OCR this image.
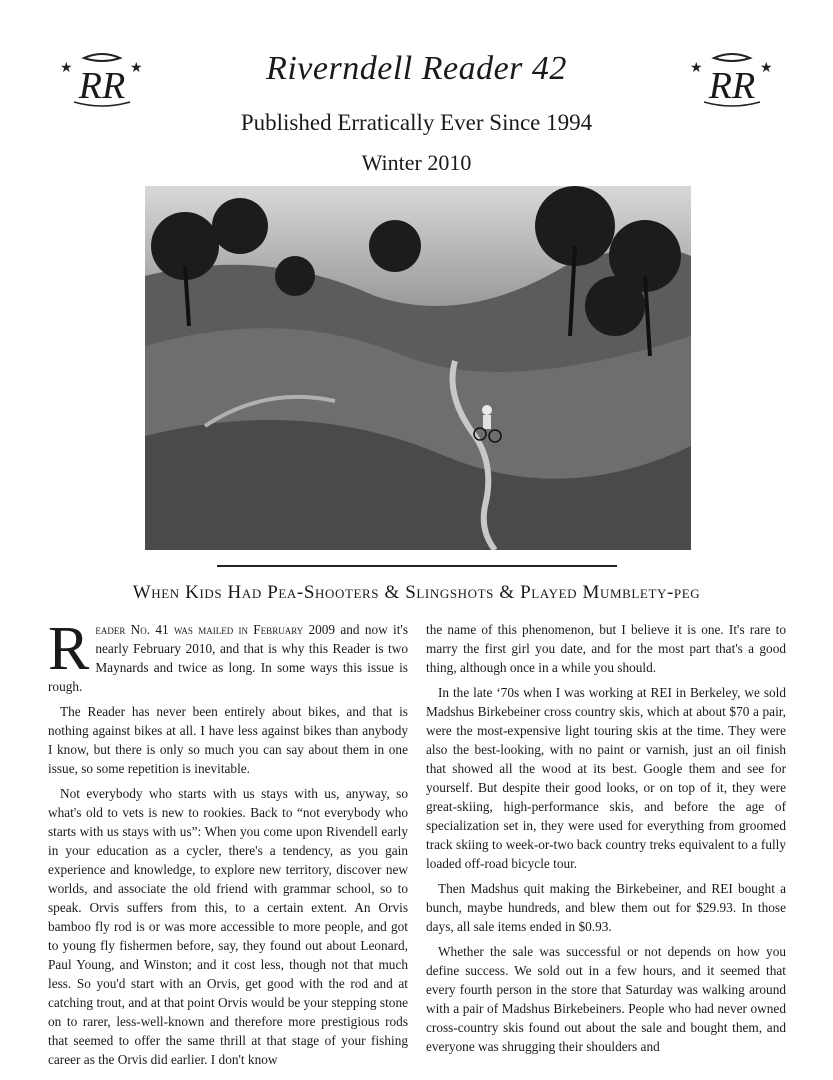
★	★
RR	★	★
RR
Riverndell Reader 42
Published Erratically Ever Since 1994
Winter 2010
When Kids Had Pea-Shooters & Slingshots & Played Mumblety-peg

Reader No. 41 was mailed in February 2009 and now it's nearly February 2010, and that is why this Reader is two Maynards and twice as long. In some ways this issue is rough.

The Reader has never been entirely about bikes, and that is nothing against bikes at all. I have less against bikes than anybody I know, but there is only so much you can say about them in one issue, so some repetition is inevitable.

Not everybody who starts with us stays with us, anyway, so what's old to vets is new to rookies. Back to “not everybody who starts with us stays with us”: When you come upon Rivendell early in your education as a cycler, there's a tendency, as you gain experience and knowledge, to explore new territory, discover new worlds, and associate the old friend with grammar school, so to speak. Orvis suffers from this, to a certain extent. An Orvis bamboo fly rod is or was more accessible to more people, and got to young fly fishermen before, say, they found out about Leonard, Paul Young, and Winston; and it cost less, though not that much less. So you'd start with an Orvis, get good with the rod and at catching trout, and at that point Orvis would be your stepping stone on to rarer, less-well-known and therefore more prestigious rods that seemed to offer the same thrill at that stage of your fishing career as the Orvis did earlier. I don't know

the name of this phenomenon, but I believe it is one. It's rare to marry the first girl you date, and for the most part that's a good thing, although once in a while you should.

In the late ‘70s when I was working at REI in Berkeley, we sold Madshus Birkebeiner cross country skis, which at about $70 a pair, were the most-expensive light touring skis at the time. They were also the best-looking, with no paint or varnish, just an oil finish that showed all the wood at its best. Google them and see for yourself. But despite their good looks, or on top of it, they were great-skiing, high-performance skis, and before the age of specialization set in, they were used for everything from groomed track skiing to week-or-two back country treks equivalent to a fully loaded off-road bicycle tour.

Then Madshus quit making the Birkebeiner, and REI bought a bunch, maybe hundreds, and blew them out for $29.93. In those days, all sale items ended in $0.93.

Whether the sale was successful or not depends on how you define success. We sold out in a few hours, and it seemed that every fourth person in the store that Saturday was walking around with a pair of Madshus Birkebeiners. People who had never owned cross-country skis found out about the sale and bought them, and everyone was shrugging their shoulders and
